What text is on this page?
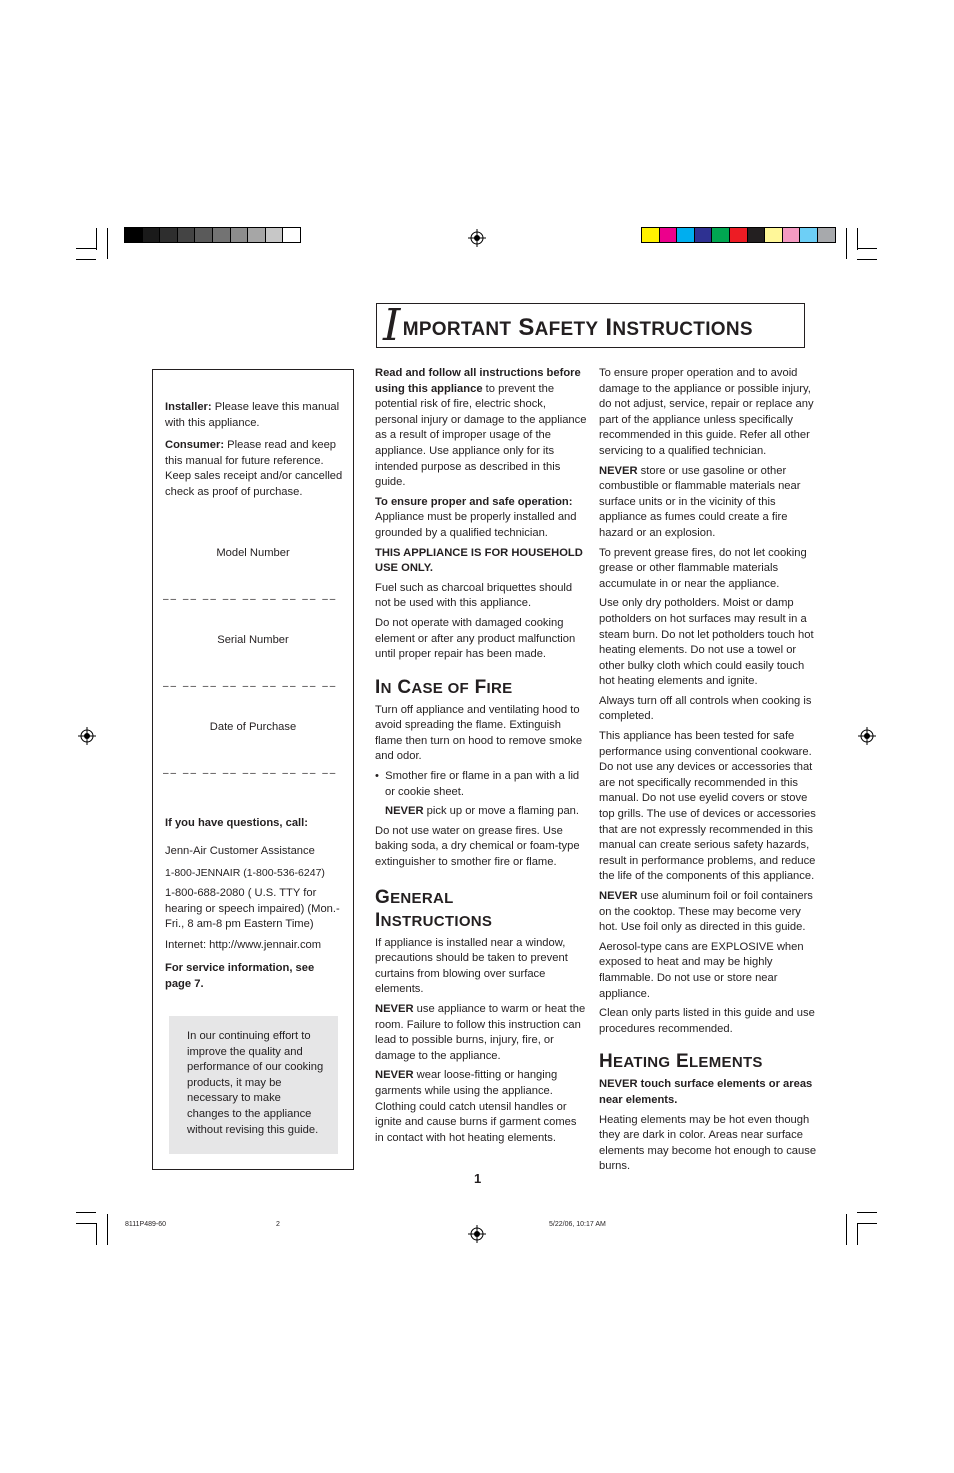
IMPORTANT SAFETY INSTRUCTIONS

Installer: Please leave this manual with this appliance.

Consumer: Please read and keep this manual for future reference. Keep sales receipt and/or cancelled check as proof of purchase.

Model Number
–– –– –– –– –– –– –– –– ––
Serial Number
–– –– –– –– –– –– –– –– ––
Date of Purchase
–– –– –– –– –– –– –– –– ––
If you have questions, call:
Jenn-Air Customer Assistance
1-800-JENNAIR (1-800-536-6247)
1-800-688-2080 ( U.S. TTY for hearing or speech impaired) (Mon.-Fri., 8 am-8 pm Eastern Time)
Internet: http://www.jennair.com
For service information, see page 7.

In our continuing effort to improve the quality and performance of our cooking products, it may be necessary to make changes to the appliance without revising this guide.

Read and follow all instructions before using this appliance to prevent the potential risk of fire, electric shock, personal injury or damage to the appliance as a result of improper usage of the appliance. Use appliance only for its intended purpose as described in this guide.

To ensure proper and safe operation: Appliance must be properly installed and grounded by a qualified technician.

THIS APPLIANCE IS FOR HOUSEHOLD USE ONLY.

Fuel such as charcoal briquettes should not be used with this appliance.

Do not operate with damaged cooking element or after any product malfunction until proper repair has been made.

IN CASE OF FIRE

Turn off appliance and ventilating hood to avoid spreading the flame. Extinguish flame then turn on hood to remove smoke and odor.

•  Smother fire or flame in a pan with a lid or cookie sheet.

NEVER pick up or move a flaming pan.

Do not use water on grease fires. Use baking soda, a dry chemical or foam-type extinguisher to smother fire or flame.

GENERAL
INSTRUCTIONS

If appliance is installed near a window, precautions should be taken to prevent curtains from blowing over surface elements.

NEVER use appliance to warm or heat the room. Failure to follow this instruction can lead to possible burns, injury, fire, or damage to the appliance.

NEVER wear loose-fitting or hanging garments while using the appliance. Clothing could catch utensil handles or ignite and cause burns if garment comes in contact with hot heating elements.

To ensure proper operation and to avoid damage to the appliance or possible injury, do not adjust, service, repair or replace any part of the appliance unless specifically recommended in this guide. Refer all other servicing to a qualified technician.

NEVER store or use gasoline or other combustible or flammable materials near surface units or in the vicinity of this appliance as fumes could create a fire hazard or an explosion.

To prevent grease fires, do not let cooking grease or other flammable materials accumulate in or near the appliance.

Use only dry potholders. Moist or damp potholders on hot surfaces may result in a steam burn. Do not let potholders touch hot heating elements. Do not use a towel or other bulky cloth which could easily touch hot heating elements and ignite.

Always turn off all controls when cooking is completed.

This appliance has been tested for safe performance using conventional cookware. Do not use any devices or accessories that are not specifically recommended in this manual. Do not use eyelid covers or stove top grills. The use of devices or accessories that are not expressly recommended in this manual can create serious safety hazards, result in performance problems, and reduce the life of the components of this appliance.

NEVER use aluminum foil or foil containers on the cooktop. These may become very hot. Use foil only as directed in this guide.

Aerosol-type cans are EXPLOSIVE when exposed to heat and may be highly flammable. Do not use or store near appliance.

Clean only parts listed in this guide and use procedures recommended.

HEATING ELEMENTS

NEVER touch surface elements or areas near elements.

Heating elements may be hot even though they are dark in color. Areas near surface elements may become hot enough to cause burns.

1
8111P489-60	2	5/22/06, 10:17 AM
